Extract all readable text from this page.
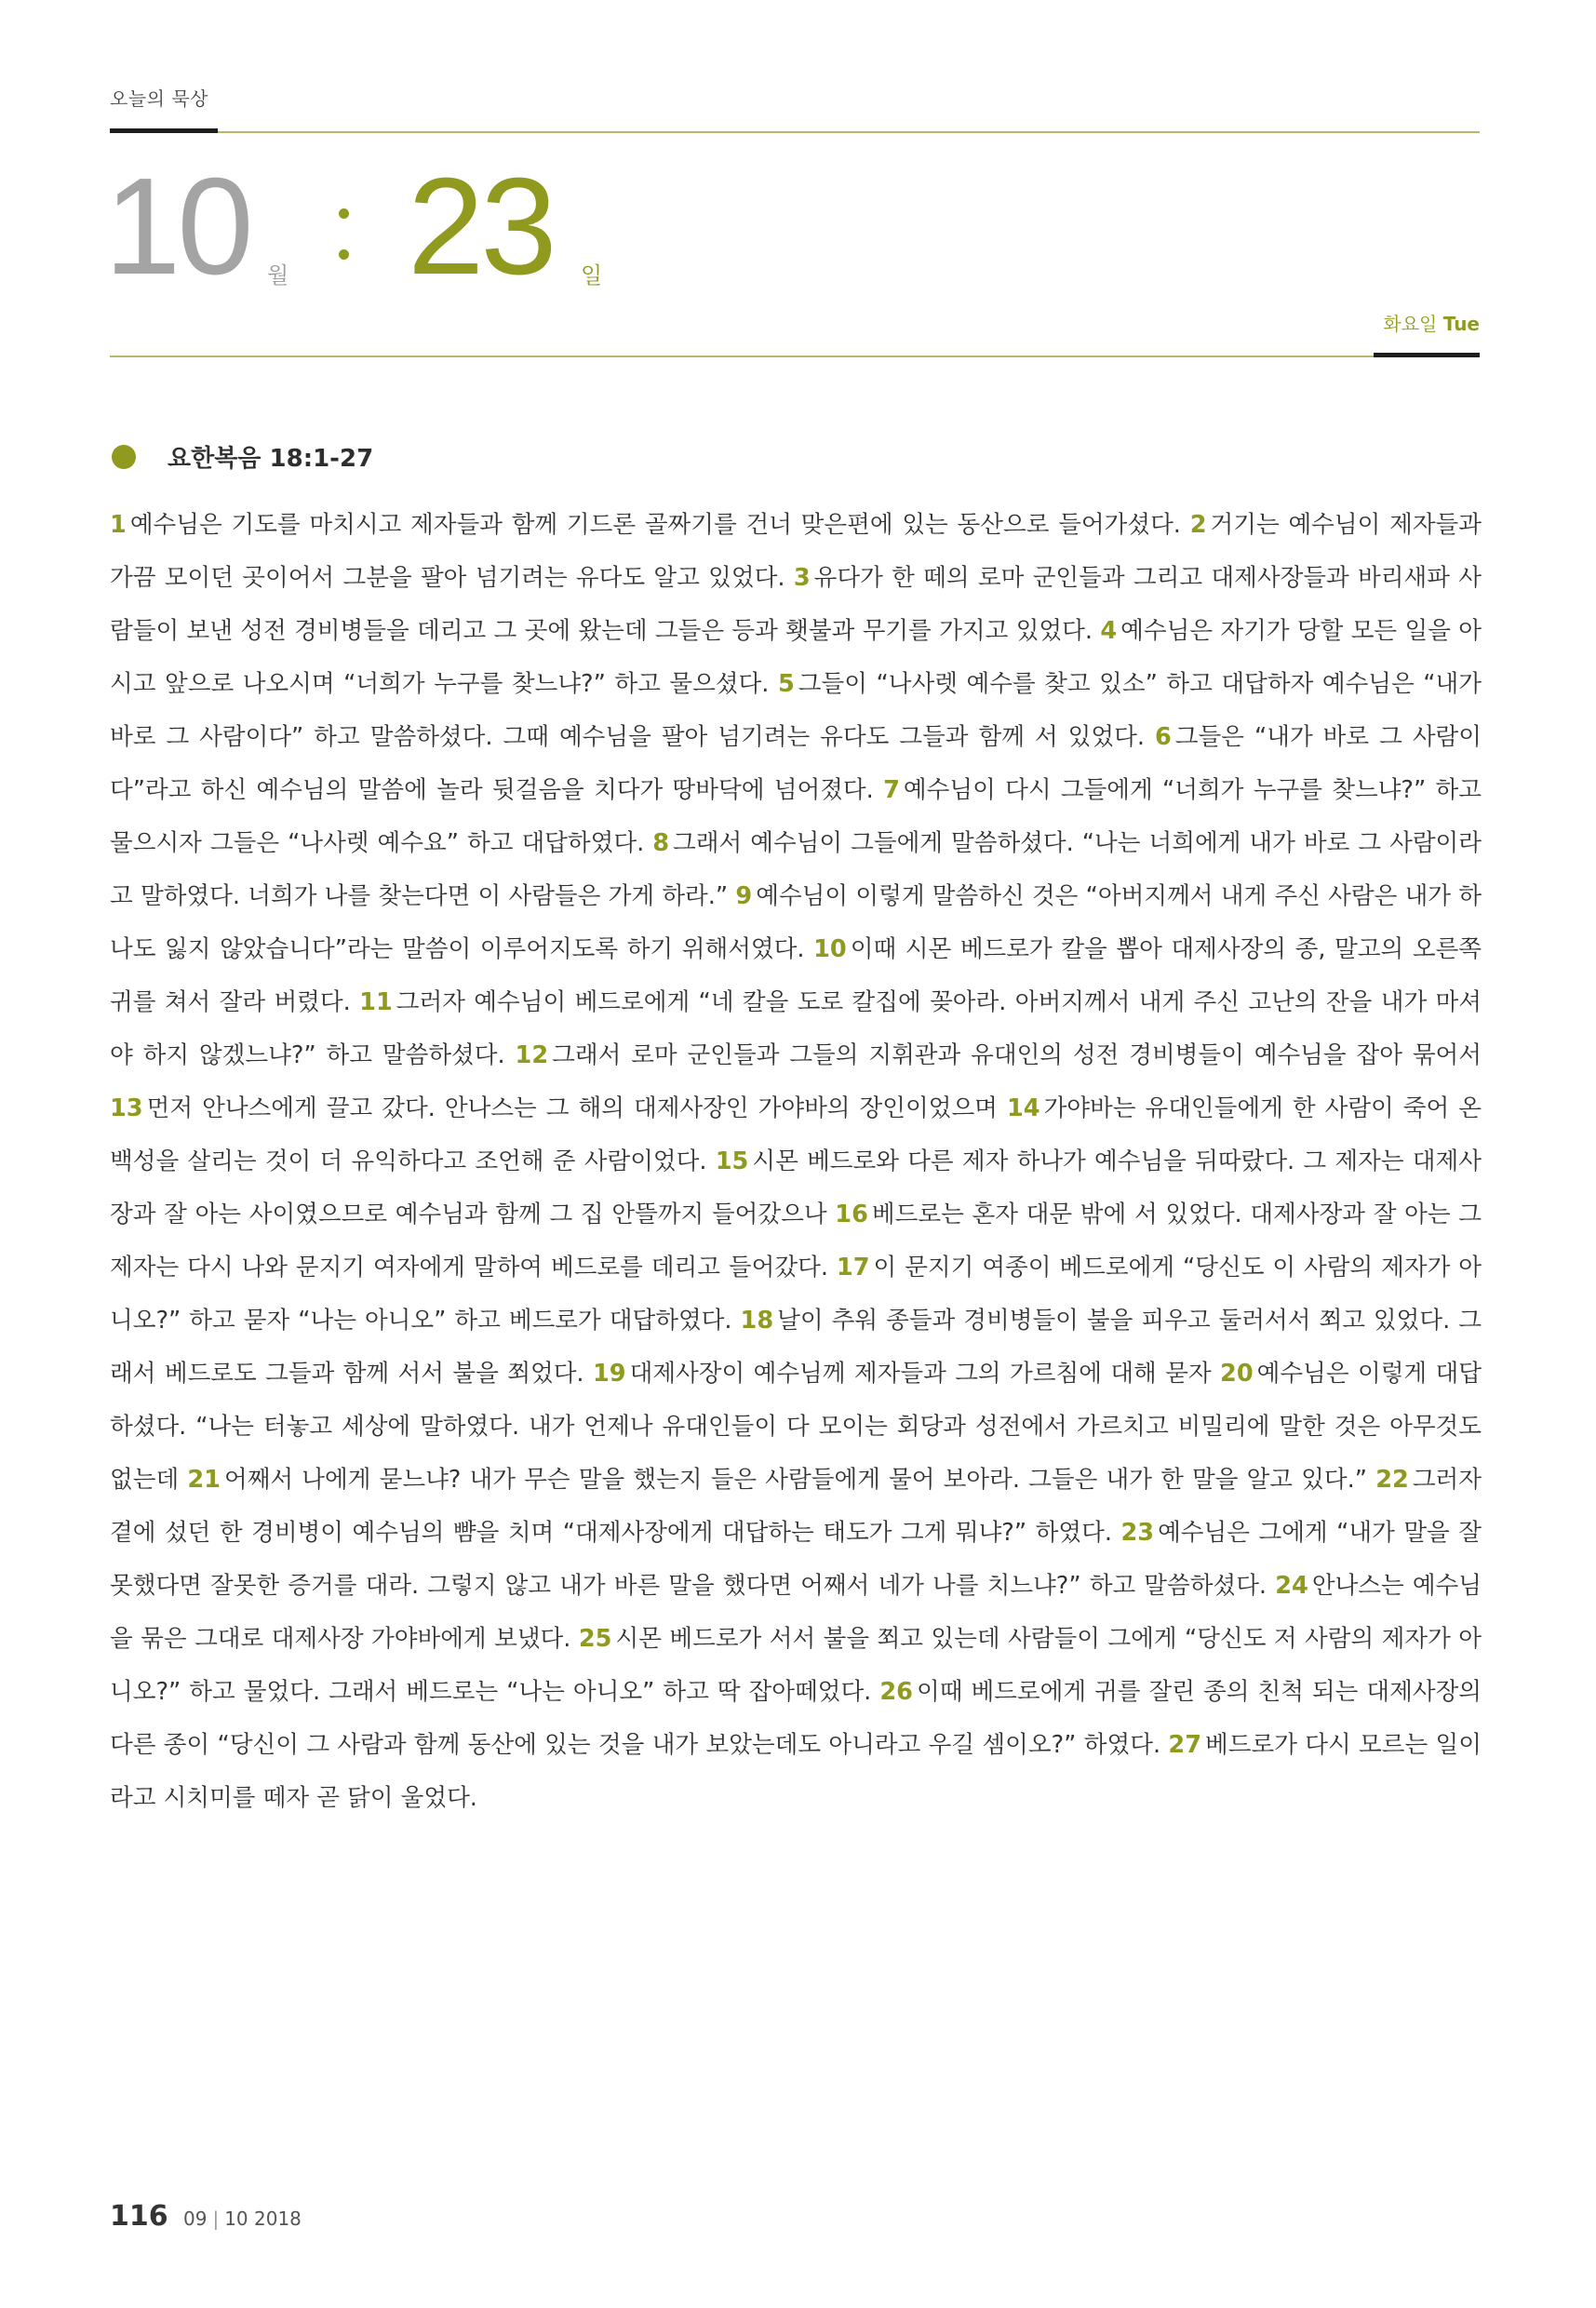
오늘의 묵상
10 월 23 일
화요일 Tue
요한복음 18:1-27
1 예수님은 기도를 마치시고 제자들과 함께 기드론 골짜기를 건너 맞은편에 있는 동산으로 들어가셨다. 2 거기는 예수님이 제자들과 가끔 모이던 곳이어서 그분을 팔아 넘기려는 유다도 알고 있었다. 3 유다가 한 떼의 로마 군인들과 그리고 대제사장들과 바리새파 사람들이 보낸 성전 경비병들을 데리고 그 곳에 왔는데 그들은 등과 횃불과 무기를 가지고 있었다. 4 예수님은 자기가 당할 모든 일을 아시고 앞으로 나오시며 “너희가 누구를 찾느냐?” 하고 물으셨다. 5 그들이 “나사렛 예수를 찾고 있소” 하고 대답하자 예수님은 “내가 바로 그 사람이다” 하고 말씀하셨다. 그때 예수님을 팔아 넘기려는 유다도 그들과 함께 서 있었다. 6 그들은 “내가 바로 그 사람이다”라고 하신 예수님의 말씀에 놀라 뒷걸음을 치다가 땅바닥에 넘어졌다. 7 예수님이 다시 그들에게 “너희가 누구를 찾느냐?” 하고 물으시자 그들은 “나사렛 예수요” 하고 대답하였다. 8 그래서 예수님이 그들에게 말씀하셨다. “나는 너희에게 내가 바로 그 사람이라고 말하였다. 너희가 나를 찾는다면 이 사람들은 가게 하라.” 9 예수님이 이렇게 말씀하신 것은 “아버지께서 내게 주신 사람은 내가 하나도 잃지 않았습니다”라는 말씀이 이루어지도록 하기 위해서였다. 10 이때 시몬 베드로가 칼을 뽑아 대제사장의 종, 말고의 오른쪽 귀를 쳐서 잘라 버렸다. 11 그러자 예수님이 베드로에게 “네 칼을 도로 칼집에 꽂아라. 아버지께서 내게 주신 고난의 잔을 내가 마셔야 하지 않겠느냐?” 하고 말씀하셨다. 12 그래서 로마 군인들과 그들의 지휘관과 유대인의 성전 경비병들이 예수님을 잡아 묶어서 13 먼저 안나스에게 끌고 갔다. 안나스는 그 해의 대제사장인 가야바의 장인이었으며 14 가야바는 유대인들에게 한 사람이 죽어 온 백성을 살리는 것이 더 유익하다고 조언해 준 사람이었다. 15 시몬 베드로와 다른 제자 하나가 예수님을 뒤따랐다. 그 제자는 대제사장과 잘 아는 사이였으므로 예수님과 함께 그 집 안뜰까지 들어갔으나 16 베드로는 혼자 대문 밖에 서 있었다. 대제사장과 잘 아는 그 제자는 다시 나와 문지기 여자에게 말하여 베드로를 데리고 들어갔다. 17 이 문지기 여종이 베드로에게 “당신도 이 사람의 제자가 아니오?” 하고 묻자 “나는 아니오” 하고 베드로가 대답하였다. 18 날이 추워 종들과 경비병들이 불을 피우고 둘러서서 쬐고 있었다. 그래서 베드로도 그들과 함께 서서 불을 쬐었다. 19 대제사장이 예수님께 제자들과 그의 가르침에 대해 묻자 20 예수님은 이렇게 대답하셨다. “나는 터놓고 세상에 말하였다. 내가 언제나 유대인들이 다 모이는 회당과 성전에서 가르치고 비밀리에 말한 것은 아무것도 없는데 21 어째서 나에게 묻느냐? 내가 무슨 말을 했는지 들은 사람들에게 물어 보아라. 그들은 내가 한 말을 알고 있다.” 22 그러자 곁에 섰던 한 경비병이 예수님의 뺨을 치며 “대제사장에게 대답하는 태도가 그게 뭐냐?” 하였다. 23 예수님은 그에게 “내가 말을 잘못했다면 잘못한 증거를 대라. 그렇지 않고 내가 바른 말을 했다면 어째서 네가 나를 치느냐?” 하고 말씀하셨다. 24 안나스는 예수님을 묶은 그대로 대제사장 가야바에게 보냈다. 25 시몬 베드로가 서서 불을 쬐고 있는데 사람들이 그에게 “당신도 저 사람의 제자가 아니오?” 하고 물었다. 그래서 베드로는 “나는 아니오” 하고 딱 잡아떼었다. 26 이때 베드로에게 귀를 잘린 종의 친척 되는 대제사장의 다른 종이 “당신이 그 사람과 함께 동산에 있는 것을 내가 보았는데도 아니라고 우길 셈이오?” 하였다. 27 베드로가 다시 모르는 일이라고 시치미를 떼자 곧 닭이 울었다.
116 09 | 10 2018
